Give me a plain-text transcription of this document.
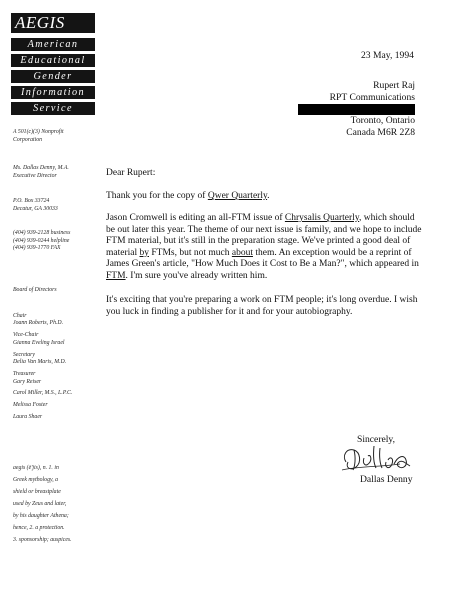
AEGIS
American
Educational
Gender
Information
Service
A 501(c)(3) Nonprofit
Corporation
Ms. Dallas Denny, M.A.
Executive Director
P.O. Box 33724
Decatur, GA 30033
(404) 939-2128 business
(404) 939-0244 helpline
(404) 939-1770 FAX
Board of Directors
Chair
Joann Roberts, Ph.D.
Vice-Chair
Gianna Eveling Israel
Secretary
Delia Van Maris, M.D.
Treasurer
Gary Reiser
Carol Miller, M.S., L.P.C.
Melissa Foster
Laura Shaer
aegis (ē'jis), n. 1. in
Greek mythology, a
shield or breastplate
used by Zeus and later,
by his daughter Athena;
hence, 2. a protection.
3. sponsorship; auspices.
23 May, 1994
Rupert Raj
RPT Communications
Toronto, Ontario
Canada M6R 2Z8
Dear Rupert:
Thank you for the copy of Qwer Quarterly.
Jason Cromwell is editing an all-FTM issue of Chrysalis Quarterly, which should be out later this year. The theme of our next issue is family, and we hope to include FTM material, but it's still in the preparation stage. We've printed a good deal of material by FTMs, but not much about them. An exception would be a reprint of James Green's article, "How Much Does it Cost to Be a Man?", which appeared in FTM. I'm sure you've already written him.
It's exciting that you're preparing a work on FTM people; it's long overdue. I wish you luck in finding a publisher for it and for your autobiography.
Sincerely,
Dallas Denny
